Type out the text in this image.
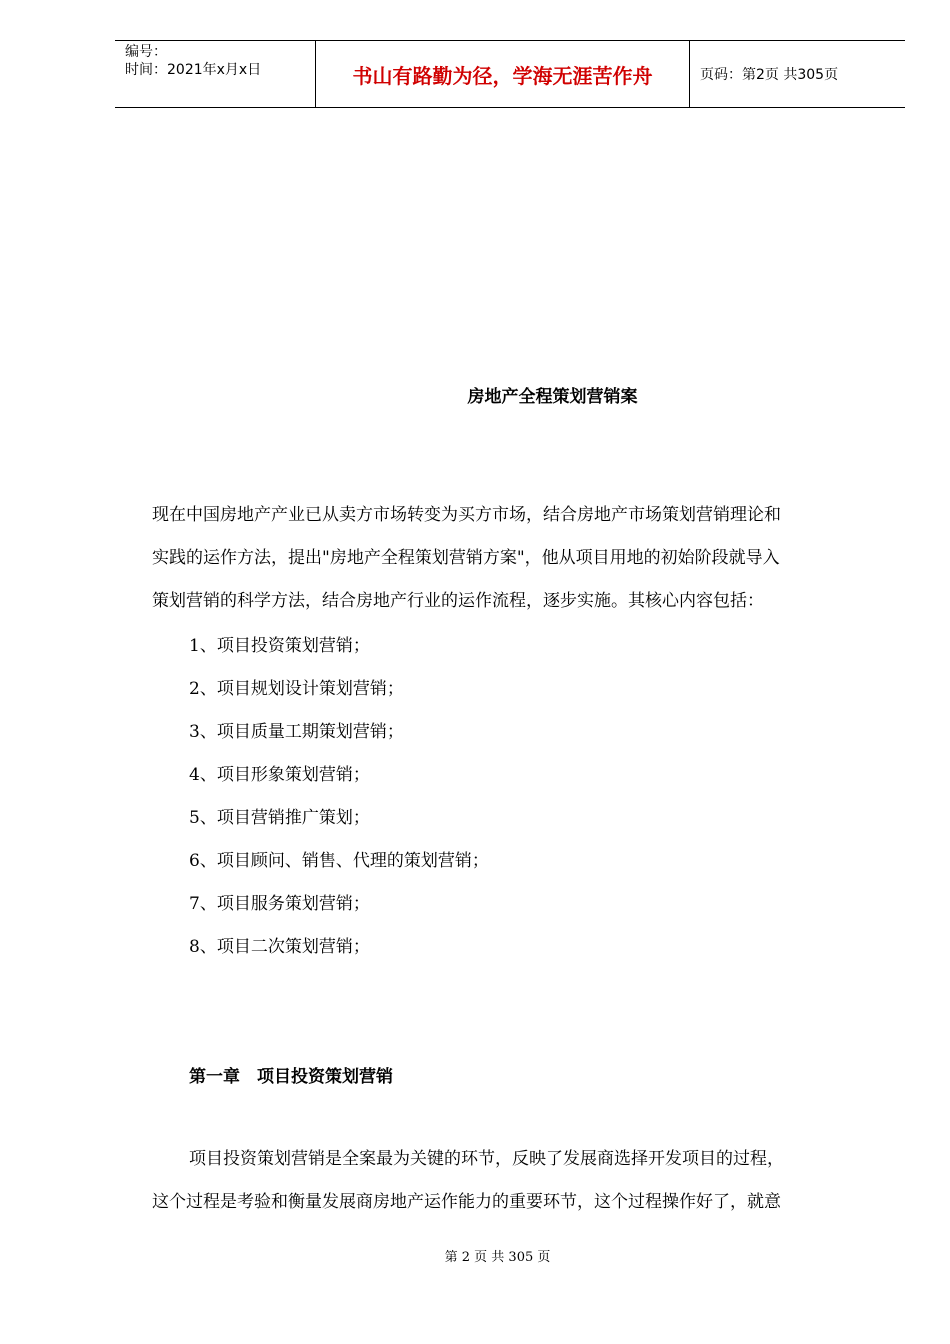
编号：
时间：2021年x月x日	书山有路勤为径，学海无涯苦作舟	页码：第2页 共305页
房地产全程策划营销案
现在中国房地产产业已从卖方市场转变为买方市场，结合房地产市场策划营销理论和
实践的运作方法，提出"房地产全程策划营销方案"，他从项目用地的初始阶段就导入
策划营销的科学方法，结合房地产行业的运作流程，逐步实施。其核心内容包括：
1、项目投资策划营销；
2、项目规划设计策划营销；
3、项目质量工期策划营销；
4、项目形象策划营销；
5、项目营销推广策划；
6、项目顾问、销售、代理的策划营销；
7、项目服务策划营销；
8、项目二次策划营销；
第一章　项目投资策划营销
项目投资策划营销是全案最为关键的环节，反映了发展商选择开发项目的过程，
这个过程是考验和衡量发展商房地产运作能力的重要环节，这个过程操作好了，就意
第 2 页 共 305 页
